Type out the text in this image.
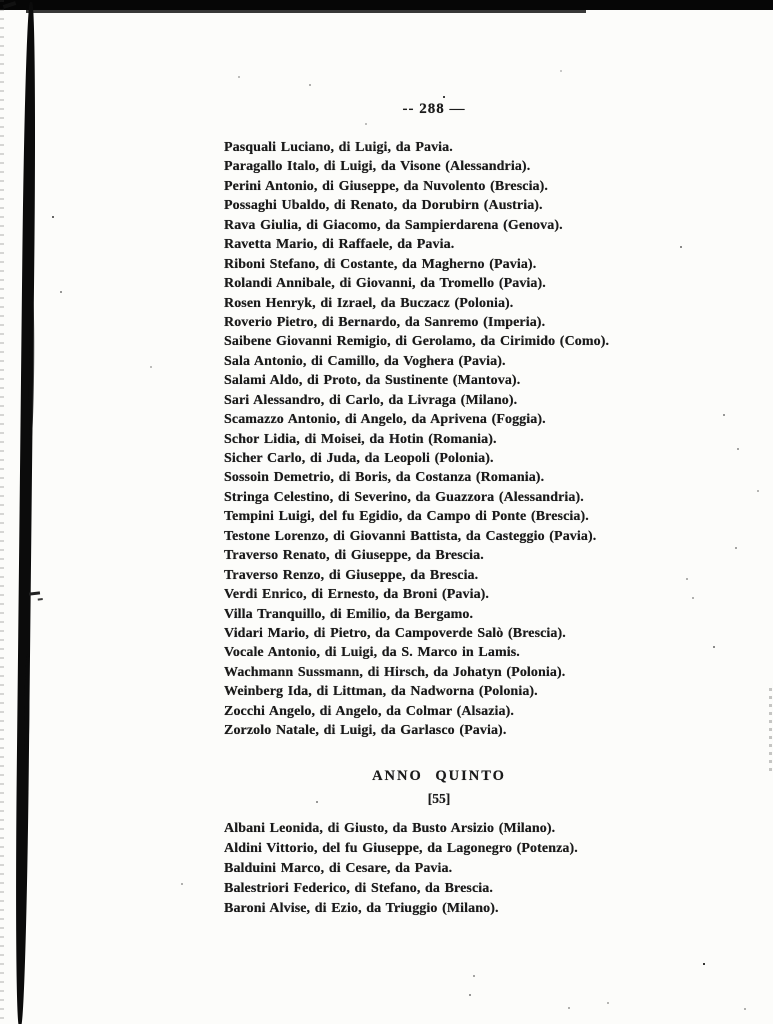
-- 288 —
Pasquali Luciano, di Luigi, da Pavia.
Paragallo Italo, di Luigi, da Visone (Alessandria).
Perini Antonio, di Giuseppe, da Nuvolento (Brescia).
Possaghi Ubaldo, di Renato, da Dorubirn (Austria).
Rava Giulia, di Giacomo, da Sampierdarena (Genova).
Ravetta Mario, di Raffaele, da Pavia.
Riboni Stefano, di Costante, da Magherno (Pavia).
Rolandi Annibale, di Giovanni, da Tromello (Pavia).
Rosen Henryk, di Izrael, da Buczacz (Polonia).
Roverio Pietro, di Bernardo, da Sanremo (Imperia).
Saibene Giovanni Remigio, di Gerolamo, da Cirimido (Como).
Sala Antonio, di Camillo, da Voghera (Pavia).
Salami Aldo, di Proto, da Sustinente (Mantova).
Sari Alessandro, di Carlo, da Livraga (Milano).
Scamazzo Antonio, di Angelo, da Aprivena (Foggia).
Schor Lidia, di Moisei, da Hotin (Romania).
Sicher Carlo, di Juda, da Leopoli (Polonia).
Sossoin Demetrio, di Boris, da Costanza (Romania).
Stringa Celestino, di Severino, da Guazzora (Alessandria).
Tempini Luigi, del fu Egidio, da Campo di Ponte (Brescia).
Testone Lorenzo, di Giovanni Battista, da Casteggio (Pavia).
Traverso Renato, di Giuseppe, da Brescia.
Traverso Renzo, di Giuseppe, da Brescia.
Verdi Enrico, di Ernesto, da Broni (Pavia).
Villa Tranquillo, di Emilio, da Bergamo.
Vidari Mario, di Pietro, da Campoverde Salò (Brescia).
Vocale Antonio, di Luigi, da S. Marco in Lamis.
Wachmann Sussmann, di Hirsch, da Johatyn (Polonia).
Weinberg Ida, di Littman, da Nadworna (Polonia).
Zocchi Angelo, di Angelo, da Colmar (Alsazia).
Zorzolo Natale, di Luigi, da Garlasco (Pavia).
ANNO QUINTO
[55]
Albani Leonida, di Giusto, da Busto Arsizio (Milano).
Aldini Vittorio, del fu Giuseppe, da Lagonegro (Potenza).
Balduini Marco, di Cesare, da Pavia.
Balestriori Federico, di Stefano, da Brescia.
Baroni Alvise, di Ezio, da Triuggio (Milano).
